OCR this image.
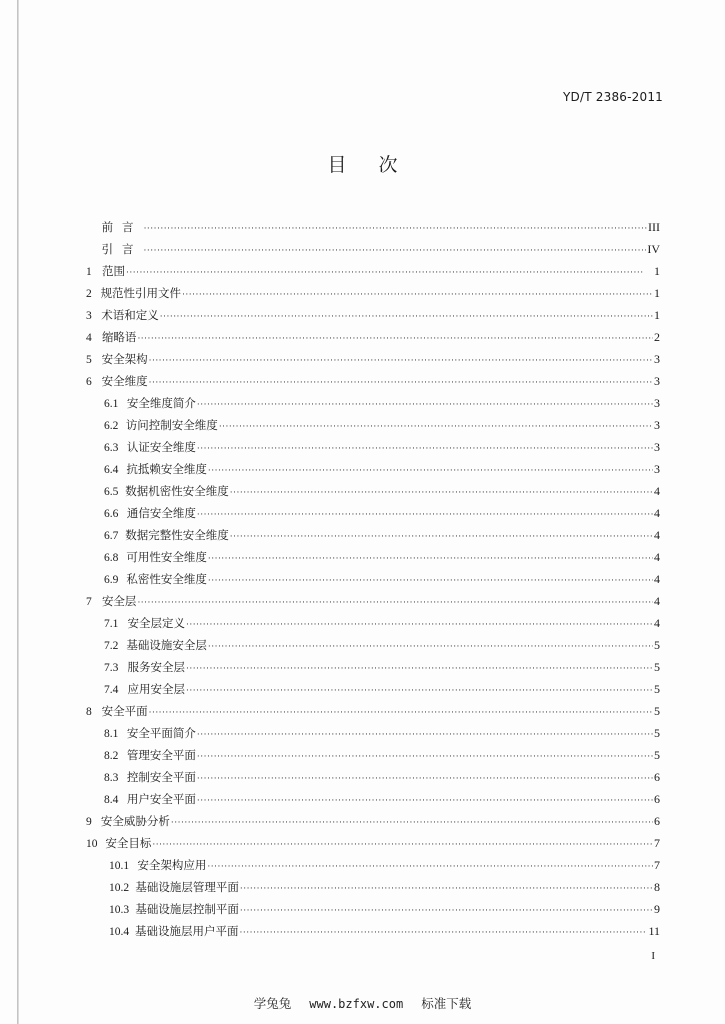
YD/T 2386-2011
目次
前言 ·····	III
引言 ·····	IV
1 范围 ·····	1
2 规范性引用文件 ·····	1
3 术语和定义 ·····	1
4 缩略语 ·····	2
5 安全架构 ·····	3
6 安全维度 ·····	3
6.1 安全维度简介 ·····	3
6.2 访问控制安全维度 ·····	3
6.3 认证安全维度 ·····	3
6.4 抗抵赖安全维度 ·····	3
6.5 数据机密性安全维度 ·····	4
6.6 通信安全维度 ·····	4
6.7 数据完整性安全维度 ·····	4
6.8 可用性安全维度 ·····	4
6.9 私密性安全维度 ·····	4
7 安全层 ·····	4
7.1 安全层定义 ·····	4
7.2 基础设施安全层 ·····	5
7.3 服务安全层 ·····	5
7.4 应用安全层 ·····	5
8 安全平面 ·····	5
8.1 安全平面简介 ·····	5
8.2 管理安全平面 ·····	5
8.3 控制安全平面 ·····	6
8.4 用户安全平面 ·····	6
9 安全威胁分析 ·····	6
10 安全目标 ·····	7
10.1 安全架构应用 ·····	7
10.2 基础设施层管理平面 ·····	8
10.3 基础设施层控制平面 ·····	9
10.4 基础设施层用户平面 ·····	11
I
学兔兔 www.bzfxw.com 标准下载
